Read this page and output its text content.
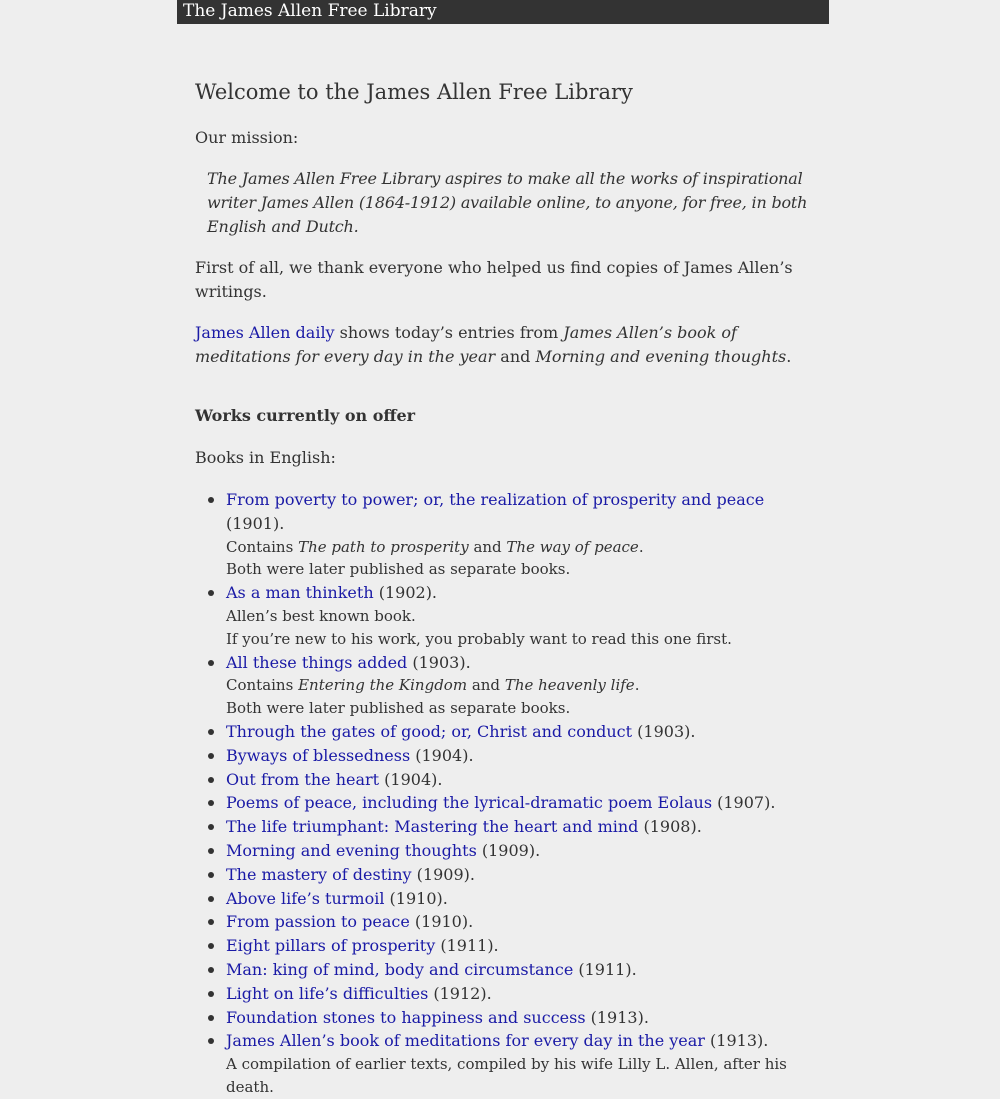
The James Allen Free Library
Welcome to the James Allen Free Library

Our mission:

The James Allen Free Library aspires to make all the works of inspirational writer James Allen (1864-1912) available online, to anyone, for free, in both English and Dutch.

First of all, we thank everyone who helped us find copies of James Allen’s writings.

James Allen daily shows today’s entries from James Allen’s book of meditations for every day in the year and Morning and evening thoughts.

Works currently on offer

Books in English:

From poverty to power; or, the realization of prosperity and peace (1901).
Contains The path to prosperity and The way of peace.
Both were later published as separate books.
As a man thinketh (1902).
Allen’s best known book.
If you’re new to his work, you probably want to read this one first.
All these things added (1903).
Contains Entering the Kingdom and The heavenly life.
Both were later published as separate books.
Through the gates of good; or, Christ and conduct (1903).
Byways of blessedness (1904).
Out from the heart (1904).
Poems of peace, including the lyrical-dramatic poem Eolaus (1907).
The life triumphant: Mastering the heart and mind (1908).
Morning and evening thoughts (1909).
The mastery of destiny (1909).
Above life’s turmoil (1910).
From passion to peace (1910).
Eight pillars of prosperity (1911).
Man: king of mind, body and circumstance (1911).
Light on life’s difficulties (1912).
Foundation stones to happiness and success (1913).
James Allen’s book of meditations for every day in the year (1913).
A compilation of earlier texts, compiled by his wife Lilly L. Allen, after his death.
